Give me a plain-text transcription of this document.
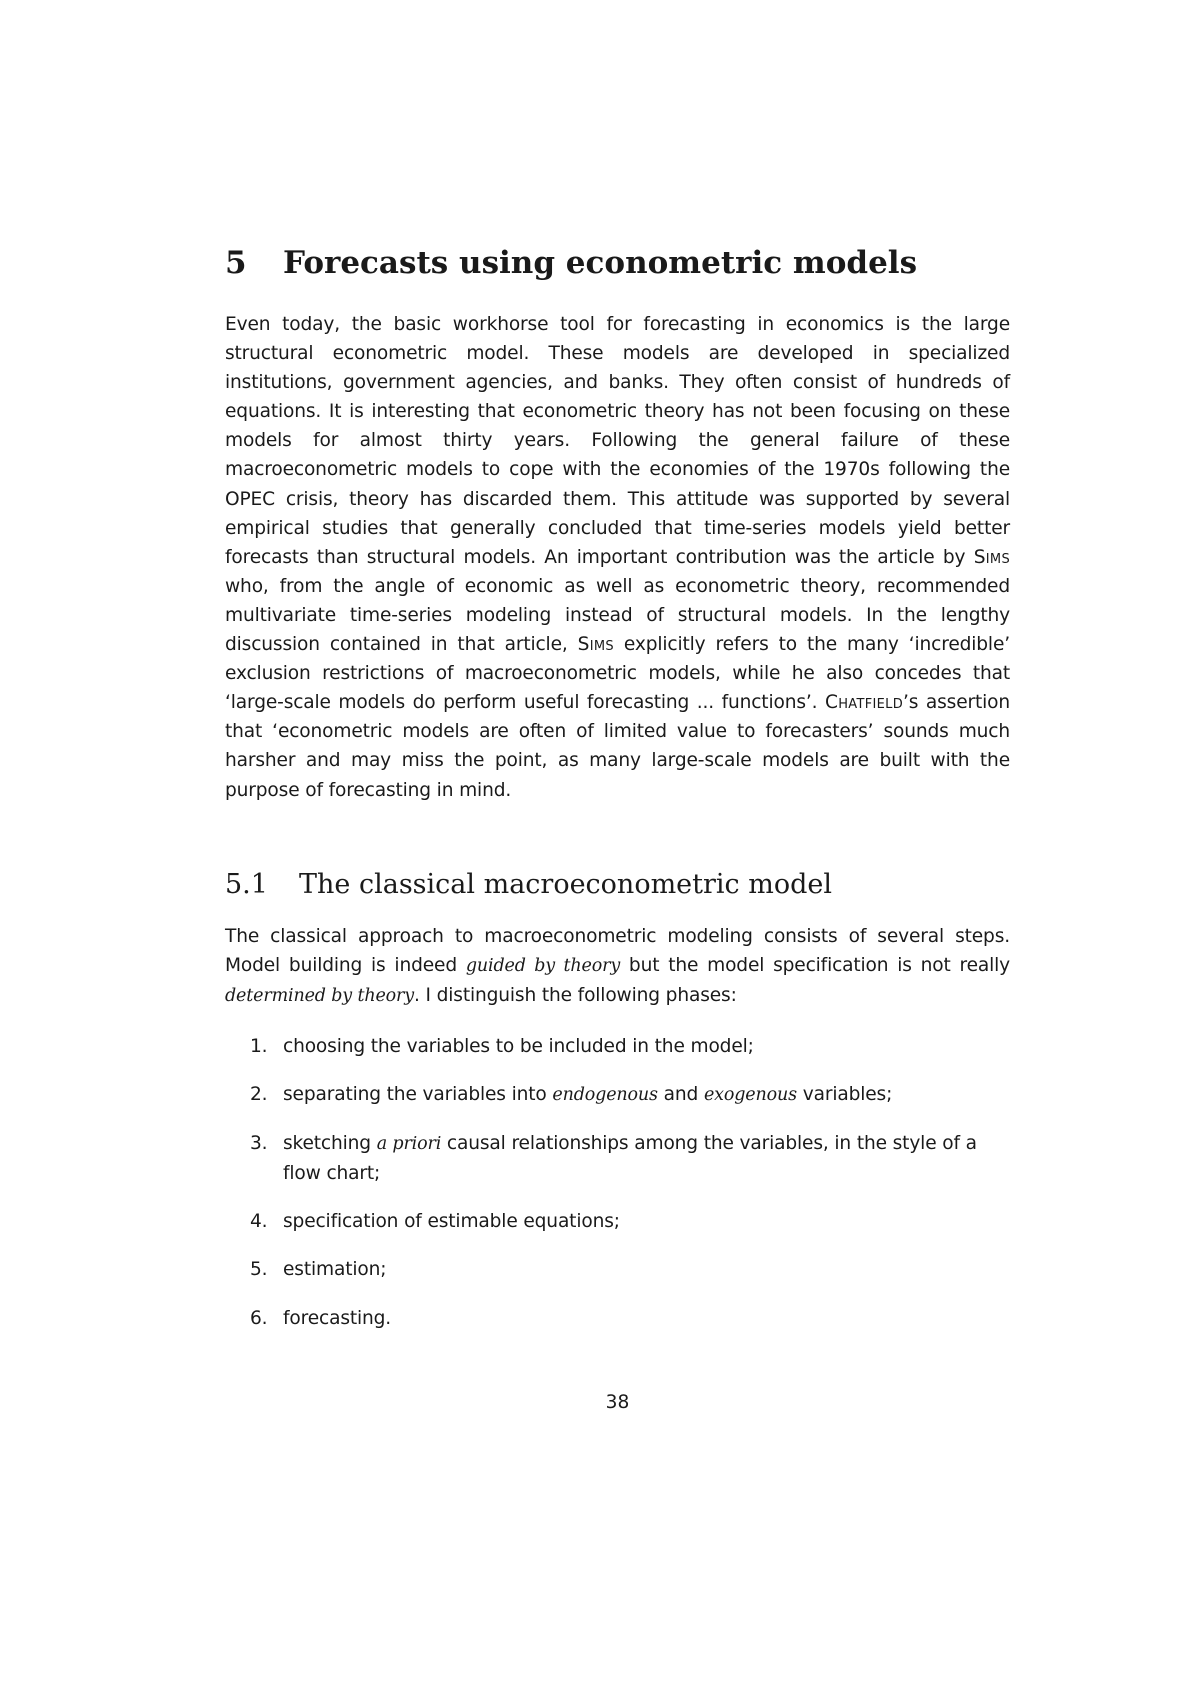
5 Forecasts using econometric models

Even today, the basic workhorse tool for forecasting in economics is the large structural econometric model. These models are developed in specialized institutions, government agencies, and banks. They often consist of hundreds of equations. It is interesting that econometric theory has not been focusing on these models for almost thirty years. Following the general failure of these macroeconometric models to cope with the economies of the 1970s following the OPEC crisis, theory has discarded them. This attitude was supported by several empirical studies that generally concluded that time-series models yield better forecasts than structural models. An important contribution was the article by Sims who, from the angle of economic as well as econometric theory, recommended multivariate time-series modeling instead of structural models. In the lengthy discussion contained in that article, Sims explicitly refers to the many ‘incredible’ exclusion restrictions of macroeconometric models, while he also concedes that ‘large-scale models do perform useful forecasting ... functions’. Chatfield’s assertion that ‘econometric models are often of limited value to forecasters’ sounds much harsher and may miss the point, as many large-scale models are built with the purpose of forecasting in mind.

5.1 The classical macroeconometric model

The classical approach to macroeconometric modeling consists of several steps. Model building is indeed guided by theory but the model specification is not really determined by theory. I distinguish the following phases:

1. choosing the variables to be included in the model;
2. separating the variables into endogenous and exogenous variables;
3. sketching a priori causal relationships among the variables, in the style of a flow chart;
4. specification of estimable equations;
5. estimation;
6. forecasting.
38
